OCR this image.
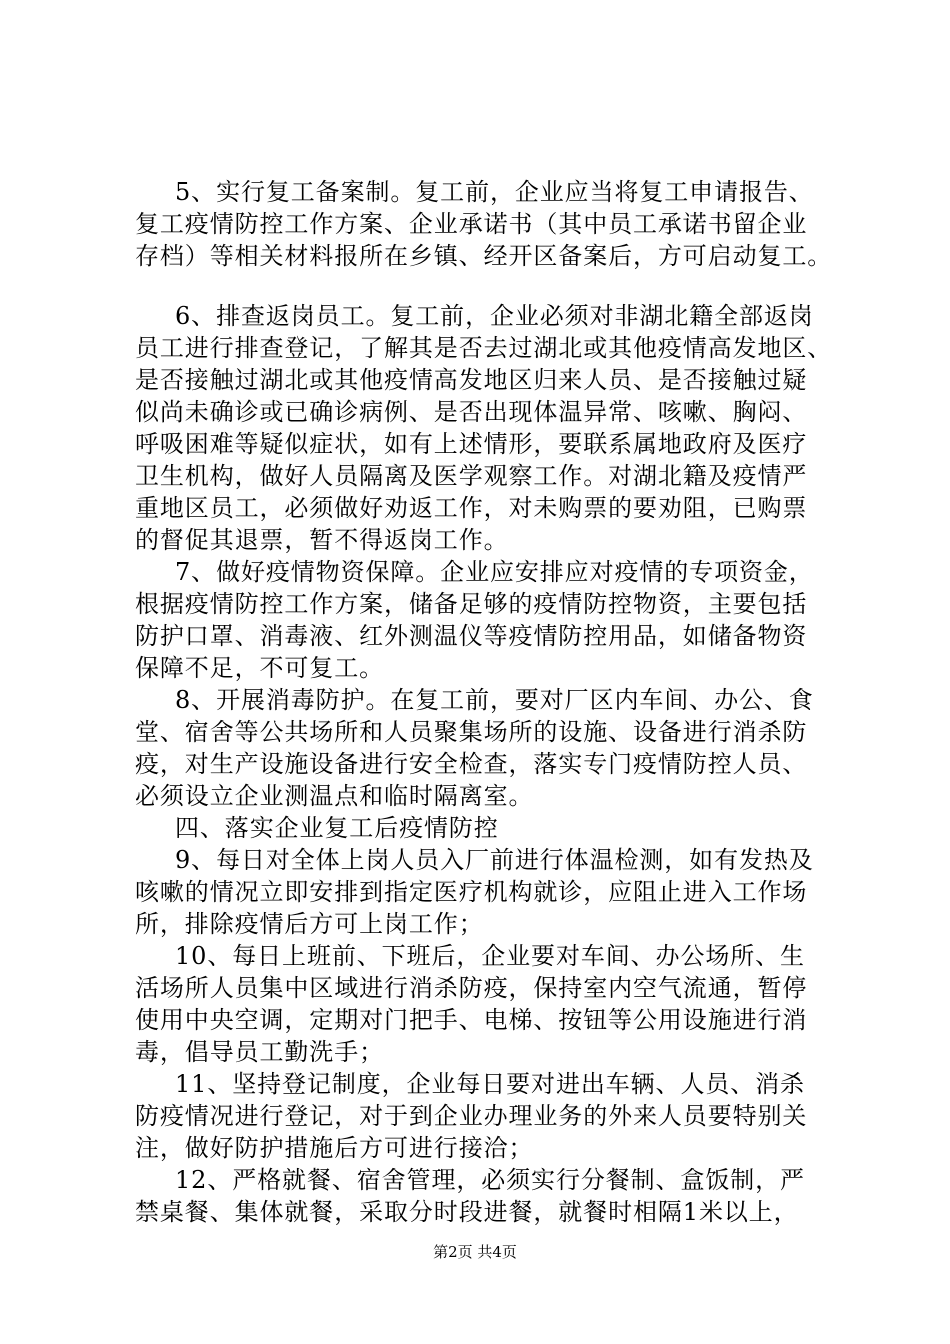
5、实行复工备案制。复工前，企业应当将复工申请报告、
复工疫情防控工作方案、企业承诺书（其中员工承诺书留企业
存档）等相关材料报所在乡镇、经开区备案后，方可启动复工。
6、排查返岗员工。复工前，企业必须对非湖北籍全部返岗
员工进行排查登记，了解其是否去过湖北或其他疫情高发地区、
是否接触过湖北或其他疫情高发地区归来人员、是否接触过疑
似尚未确诊或已确诊病例、是否出现体温异常、咳嗽、胸闷、
呼吸困难等疑似症状，如有上述情形，要联系属地政府及医疗
卫生机构，做好人员隔离及医学观察工作。对湖北籍及疫情严
重地区员工，必须做好劝返工作，对未购票的要劝阻，已购票
的督促其退票，暂不得返岗工作。
7、做好疫情物资保障。企业应安排应对疫情的专项资金，
根据疫情防控工作方案，储备足够的疫情防控物资，主要包括
防护口罩、消毒液、红外测温仪等疫情防控用品，如储备物资
保障不足，不可复工。
8、开展消毒防护。在复工前，要对厂区内车间、办公、食
堂、宿舍等公共场所和人员聚集场所的设施、设备进行消杀防
疫，对生产设施设备进行安全检查，落实专门疫情防控人员、
必须设立企业测温点和临时隔离室。
四、落实企业复工后疫情防控
9、每日对全体上岗人员入厂前进行体温检测，如有发热及
咳嗽的情况立即安排到指定医疗机构就诊，应阻止进入工作场
所，排除疫情后方可上岗工作；
10、每日上班前、下班后，企业要对车间、办公场所、生
活场所人员集中区域进行消杀防疫，保持室内空气流通，暂停
使用中央空调，定期对门把手、电梯、按钮等公用设施进行消
毒，倡导员工勤洗手；
11、坚持登记制度，企业每日要对进出车辆、人员、消杀
防疫情况进行登记，对于到企业办理业务的外来人员要特别关
注，做好防护措施后方可进行接洽；
12、严格就餐、宿舍管理，必须实行分餐制、盒饭制，严
禁桌餐、集体就餐，采取分时段进餐，就餐时相隔1米以上，
第2页 共4页
